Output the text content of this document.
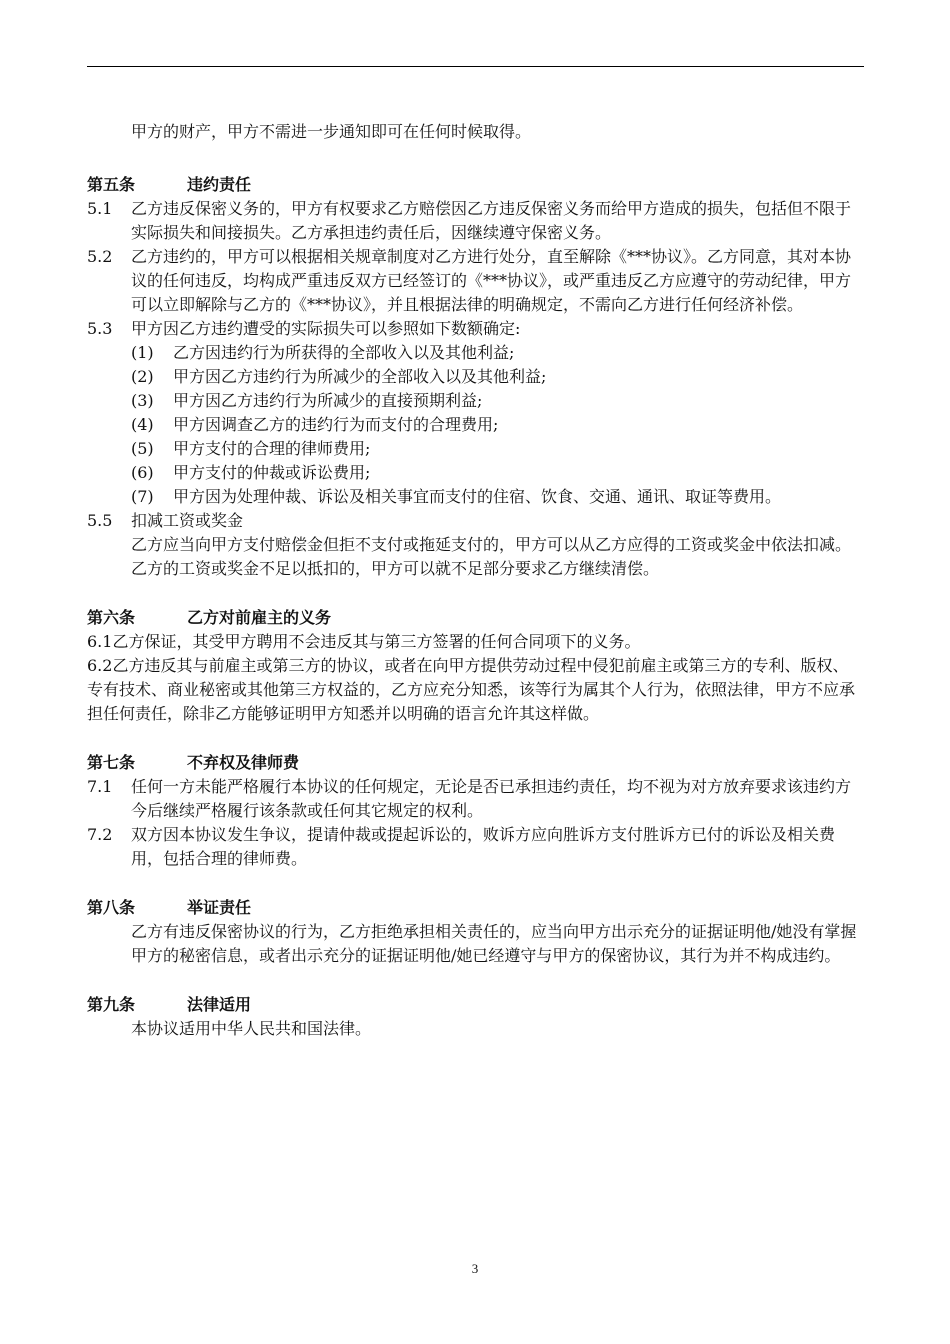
甲方的财产，甲方不需进一步通知即可在任何时候取得。

第五条	违约责任
5.1	乙方违反保密义务的，甲方有权要求乙方赔偿因乙方违反保密义务而给甲方造成的损失，包括但不限于实际损失和间接损失。乙方承担违约责任后，因继续遵守保密义务。
5.2	乙方违约的，甲方可以根据相关规章制度对乙方进行处分，直至解除《***协议》。乙方同意，其对本协议的任何违反，均构成严重违反双方已经签订的《***协议》，或严重违反乙方应遵守的劳动纪律，甲方可以立即解除与乙方的《***协议》，并且根据法律的明确规定，不需向乙方进行任何经济补偿。
5.3	甲方因乙方违约遭受的实际损失可以参照如下数额确定:
(1)	乙方因违约行为所获得的全部收入以及其他利益;
(2)	甲方因乙方违约行为所减少的全部收入以及其他利益;
(3)	甲方因乙方违约行为所减少的直接预期利益;
(4)	甲方因调查乙方的违约行为而支付的合理费用;
(5)	甲方支付的合理的律师费用;
(6)	甲方支付的仲裁或诉讼费用;
(7)	甲方因为处理仲裁、诉讼及相关事宜而支付的住宿、饮食、交通、通讯、取证等费用。
5.5	扣减工资或奖金

乙方应当向甲方支付赔偿金但拒不支付或拖延支付的，甲方可以从乙方应得的工资或奖金中依法扣减。乙方的工资或奖金不足以抵扣的，甲方可以就不足部分要求乙方继续清偿。

第六条	乙方对前雇主的义务

6.1乙方保证，其受甲方聘用不会违反其与第三方签署的任何合同项下的义务。

6.2乙方违反其与前雇主或第三方的协议，或者在向甲方提供劳动过程中侵犯前雇主或第三方的专利、版权、专有技术、商业秘密或其他第三方权益的，乙方应充分知悉，该等行为属其个人行为，依照法律，甲方不应承担任何责任，除非乙方能够证明甲方知悉并以明确的语言允许其这样做。

第七条	不弃权及律师费
7.1	任何一方未能严格履行本协议的任何规定，无论是否已承担违约责任，均不视为对方放弃要求该违约方今后继续严格履行该条款或任何其它规定的权利。
7.2	双方因本协议发生争议，提请仲裁或提起诉讼的，败诉方应向胜诉方支付胜诉方已付的诉讼及相关费用，包括合理的律师费。
第八条	举证责任

乙方有违反保密协议的行为，乙方拒绝承担相关责任的，应当向甲方出示充分的证据证明他/她没有掌握甲方的秘密信息，或者出示充分的证据证明他/她已经遵守与甲方的保密协议，其行为并不构成违约。

第九条	法律适用

本协议适用中华人民共和国法律。

3
